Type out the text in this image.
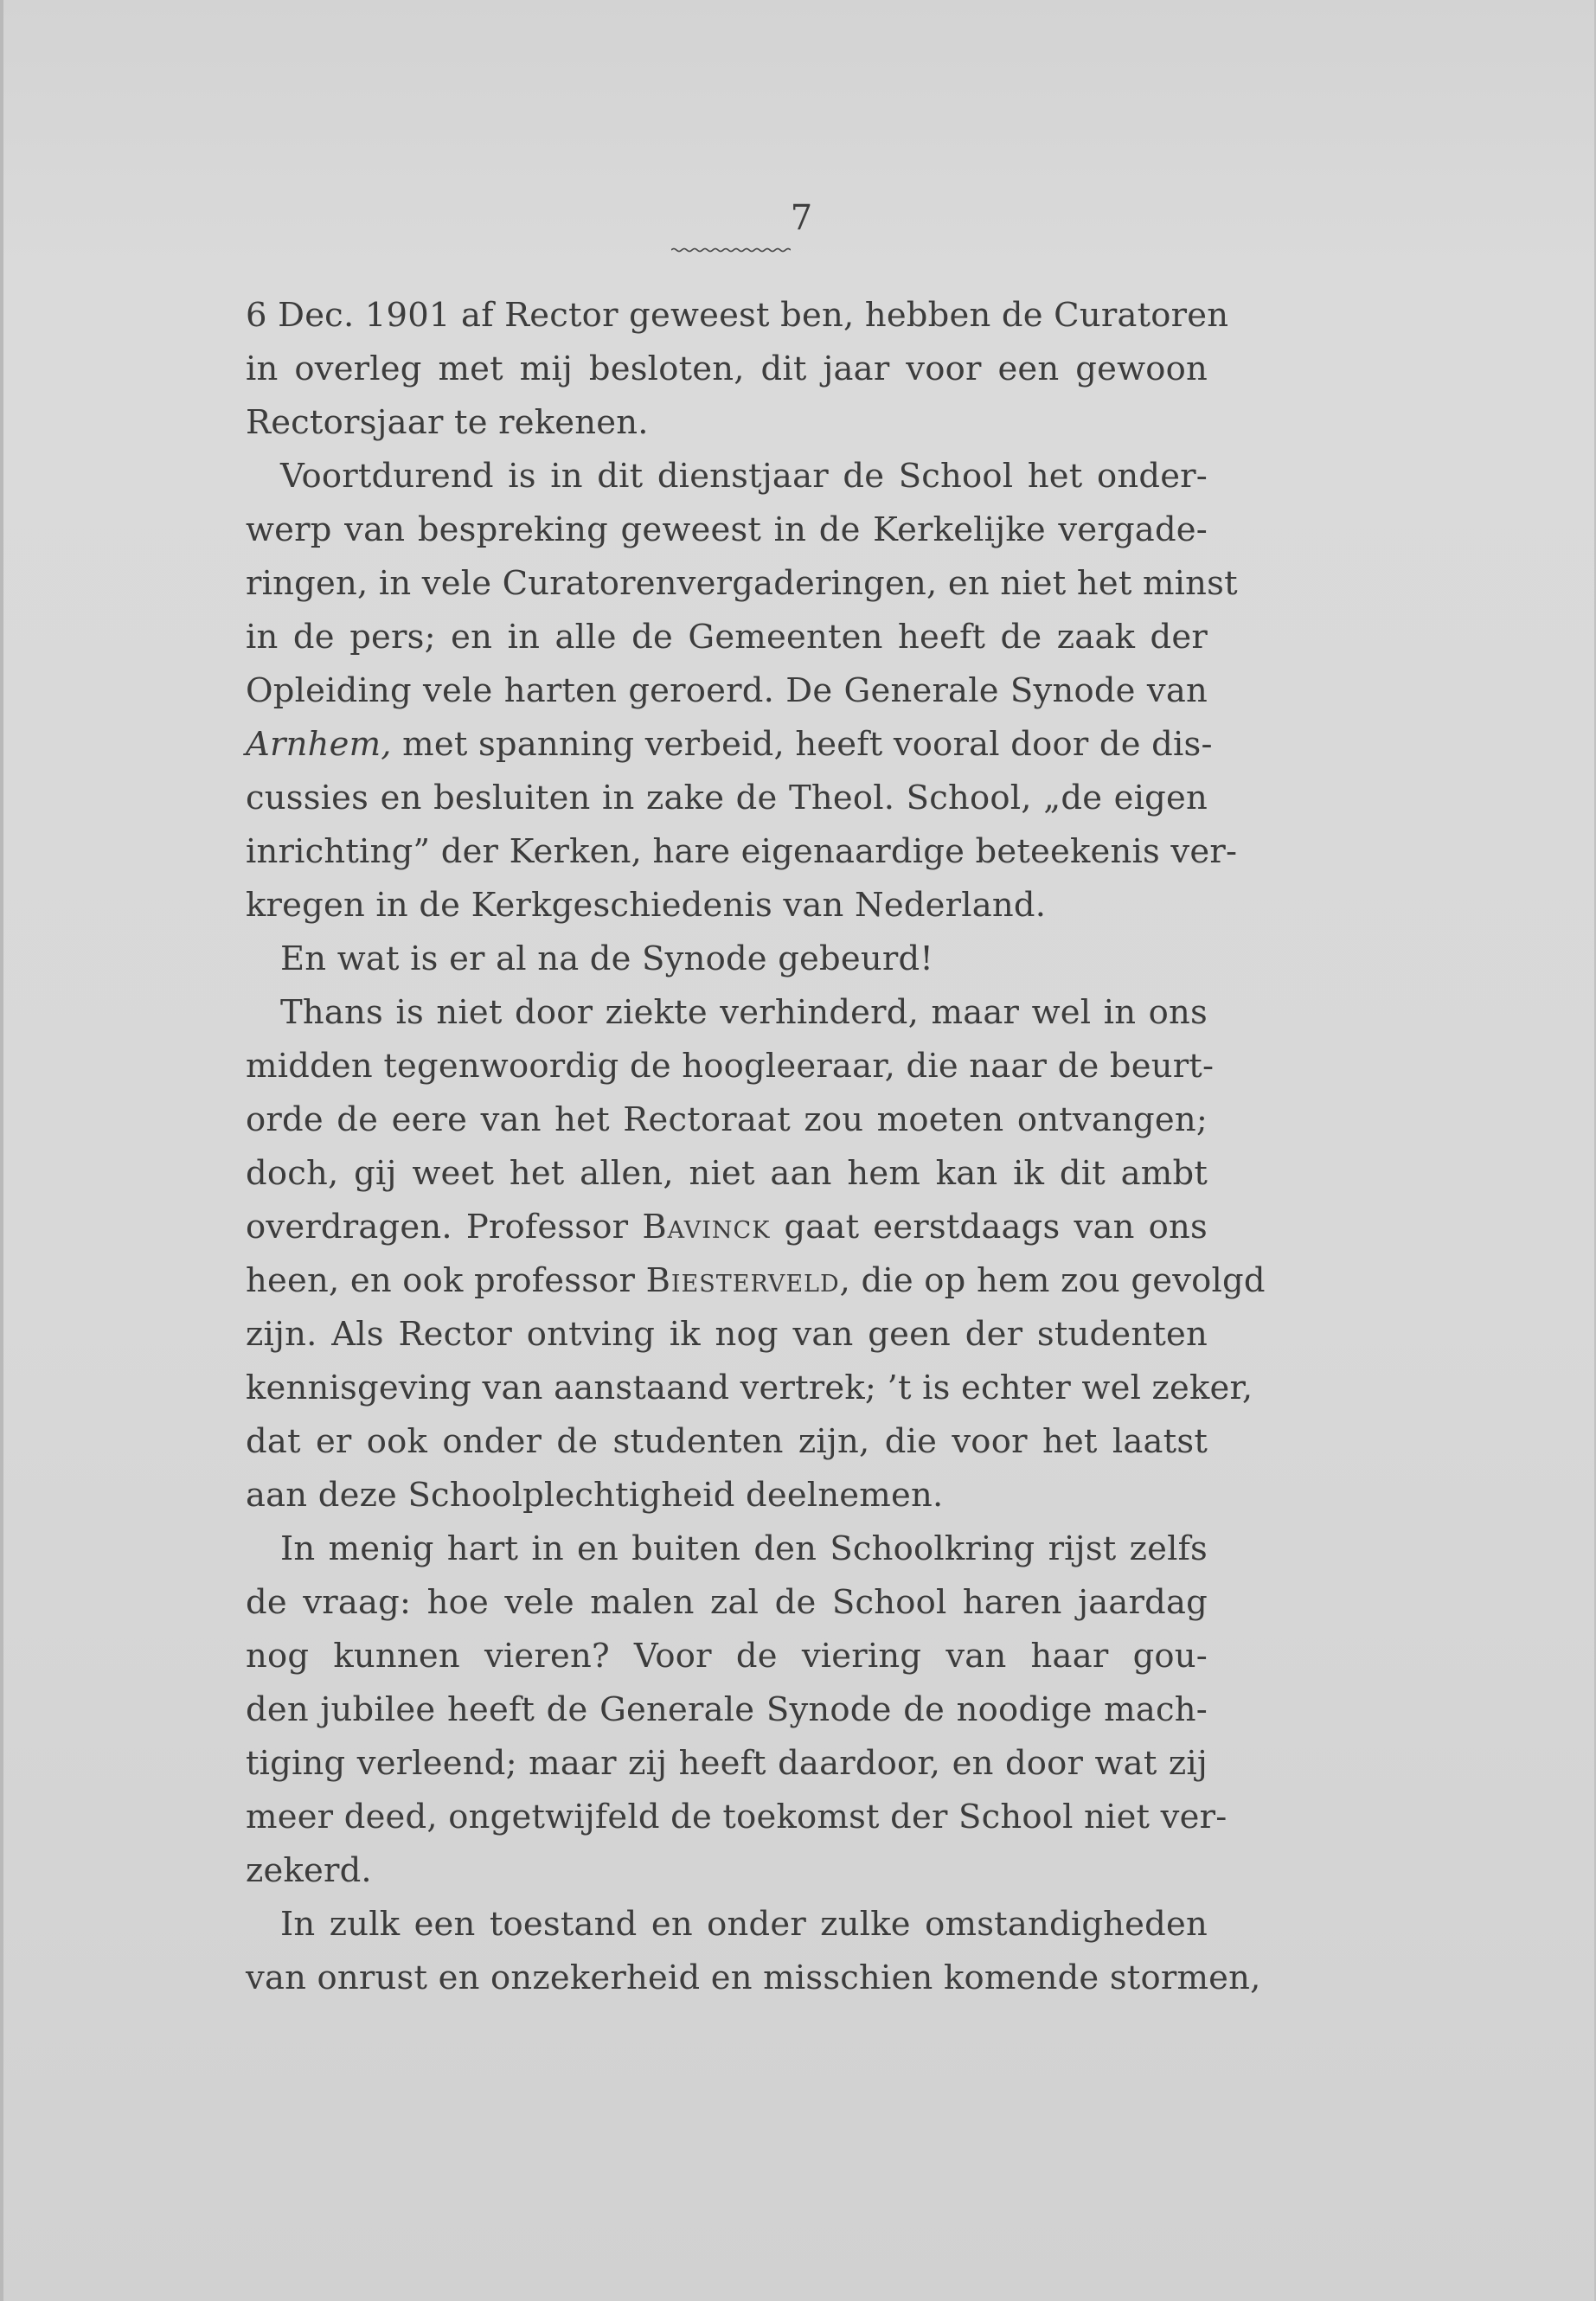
7
6 Dec. 1901 af Rector geweest ben, hebben de Curatoren
in overleg met mij besloten, dit jaar voor een gewoon
Rectorsjaar te rekenen.
Voortdurend is in dit dienstjaar de School het onder-
werp van bespreking geweest in de Kerkelijke vergade-
ringen, in vele Curatorenvergaderingen, en niet het minst
in de pers; en in alle de Gemeenten heeft de zaak der
Opleiding vele harten geroerd. De Generale Synode van
Arnhem, met spanning verbeid, heeft vooral door de dis-
cussies en besluiten in zake de Theol. School, „de eigen
inrichting” der Kerken, hare eigenaardige beteekenis ver-
kregen in de Kerkgeschiedenis van Nederland.
En wat is er al na de Synode gebeurd!
Thans is niet door ziekte verhinderd, maar wel in ons
midden tegenwoordig de hoogleeraar, die naar de beurt-
orde de eere van het Rectoraat zou moeten ontvangen;
doch, gij weet het allen, niet aan hem kan ik dit ambt
overdragen. Professor Bavinck gaat eerstdaags van ons
heen, en ook professor Biesterveld, die op hem zou gevolgd
zijn. Als Rector ontving ik nog van geen der studenten
kennisgeving van aanstaand vertrek; ’t is echter wel zeker,
dat er ook onder de studenten zijn, die voor het laatst
aan deze Schoolplechtigheid deelnemen.
In menig hart in en buiten den Schoolkring rijst zelfs
de vraag: hoe vele malen zal de School haren jaardag
nog kunnen vieren? Voor de viering van haar gou-
den jubilee heeft de Generale Synode de noodige mach-
tiging verleend; maar zij heeft daardoor, en door wat zij
meer deed, ongetwijfeld de toekomst der School niet ver-
zekerd.
In zulk een toestand en onder zulke omstandigheden
van onrust en onzekerheid en misschien komende stormen,
